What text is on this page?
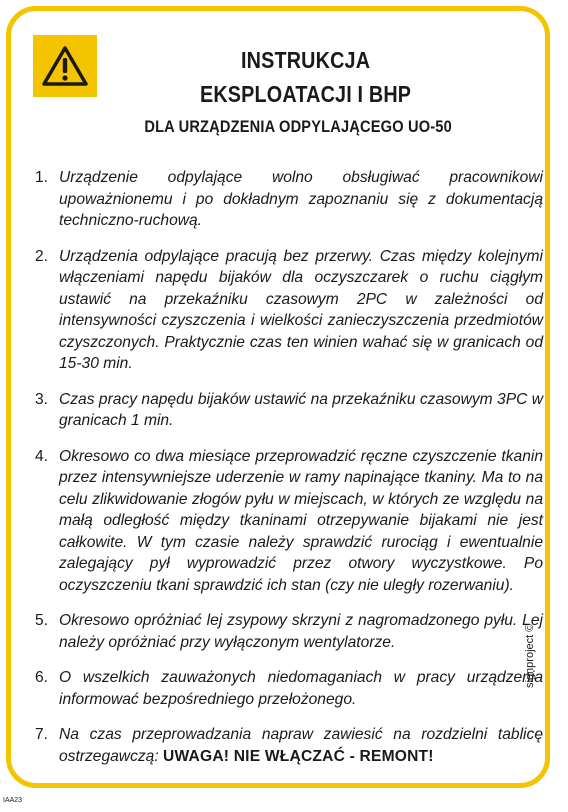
INSTRUKCJA
EKSPLOATACJI I BHP
DLA URZĄDZENIA ODPYLAJĄCEGO UO-50
1. Urządzenie odpylające wolno obsługiwać pracownikowi upoważnionemu i po dokładnym zapoznaniu się z dokumentacją techniczno-ruchową.
2. Urządzenia odpylające pracują bez przerwy. Czas między kolejnymi włączeniami napędu bijaków dla oczyszczarek o ruchu ciągłym ustawić na przekaźniku czasowym 2PC w zależności od intensywności czyszczenia i wielkości zanieczyszczenia przedmiotów czyszczonych. Praktycznie czas ten winien wahać się w granicach od 15-30 min.
3. Czas pracy napędu bijaków ustawić na przekaźniku czasowym 3PC w granicach 1 min.
4. Okresowo co dwa miesiące przeprowadzić ręczne czyszczenie tkanin przez intensywniejsze uderzenie w ramy napinające tkaniny. Ma to na celu zlikwidowanie złogów pyłu w miejscach, w których ze względu na małą odległość między tkaninami otrzepywanie bijakami nie jest całkowite. W tym czasie należy sprawdzić rurociąg i ewentualnie zalegający pył wyprowadzić przez otwory wyczystkowe. Po oczyszczeniu tkani sprawdzić ich stan (czy nie uległy rozerwaniu).
5. Okresowo opróżniać lej zsypowy skrzyni z nagromadzonego pyłu. Lej należy opróżniać przy wyłączonym wentylatorze.
6. O wszelkich zauważonych niedomaganiach w pracy urządzenia informować bezpośredniego przełożonego.
7. Na czas przeprowadzania napraw zawiesić na rozdzielni tablicę ostrzegawczą: UWAGA! NIE WŁĄCZAĆ - REMONT!
signproject ©
IAA23
